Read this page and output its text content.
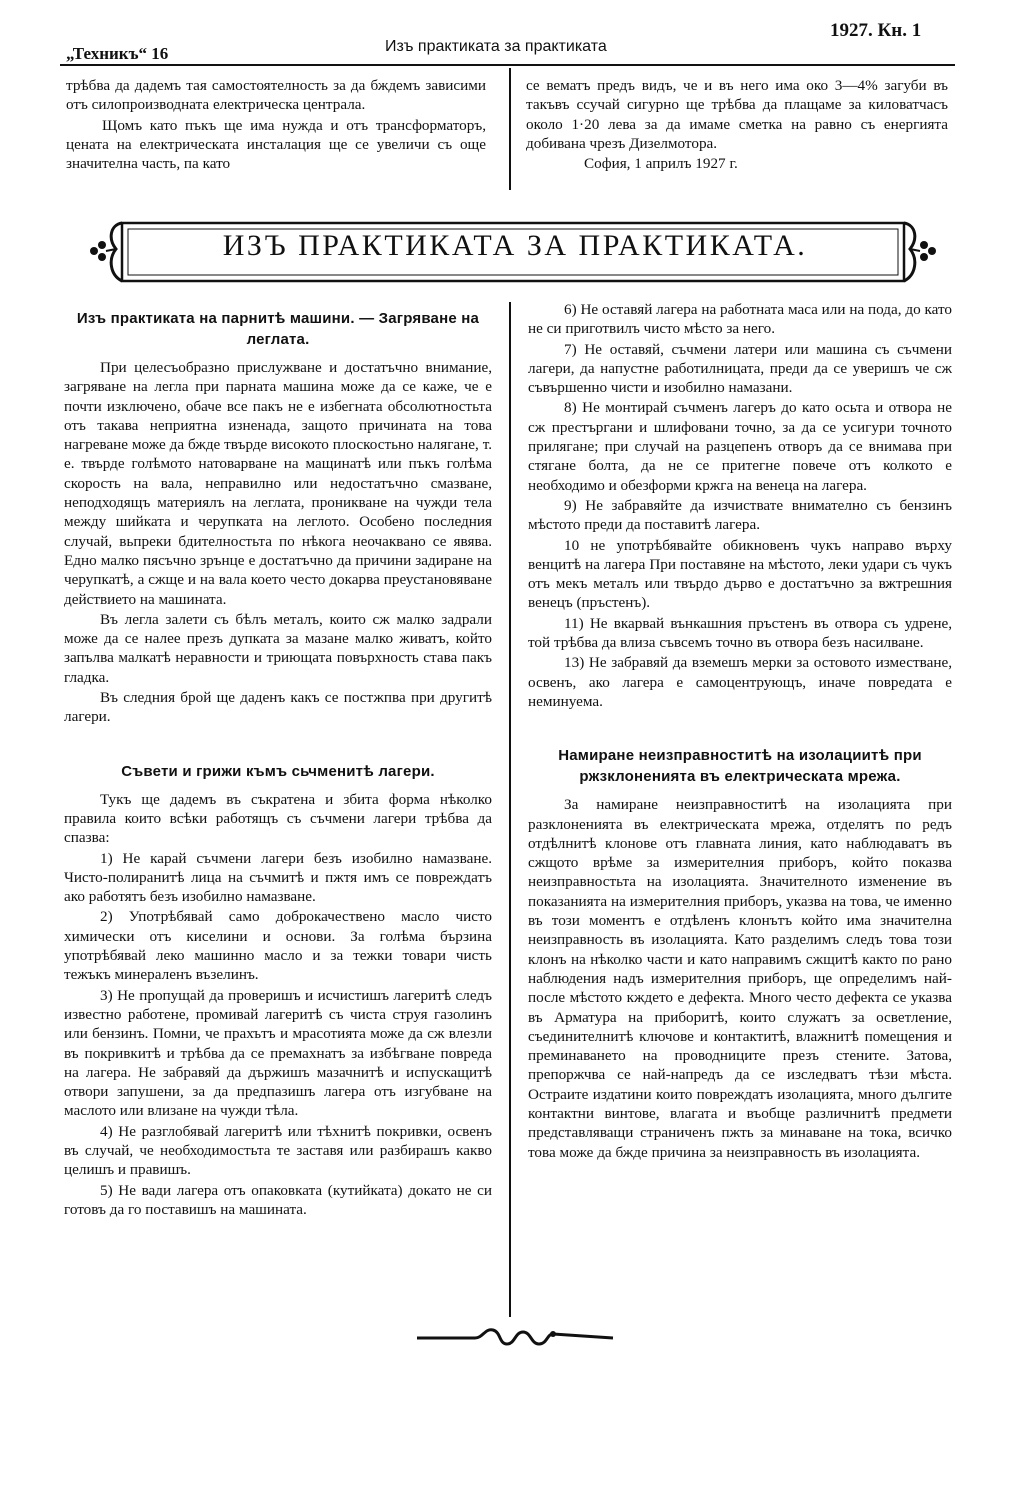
„Техникъ“ 16	Изъ практиката за практиката
1927. Кн. 1

трѣбва да дадемъ тая самостоятелность за да бждемъ зависими отъ силопроизводната електрическа централа.

Щомъ като пъкъ ще има нужда и отъ трансформаторъ, цената на електрическата инсталация ще се увеличи съ още значителна часть, па като

се вематъ предъ видъ, че и въ него има око 3—4% загуби въ такъвъ ссучай сигурно ще трѣбва да плащаме за киловатчасъ около 1·20 лева за да имаме сметка на равно съ енергията добивана чрезъ Дизелмотора.

София, 1 априлъ 1927 г.

ИЗЪ ПРАКТИКАТА ЗА ПРАКТИКАТА.
Изъ практиката на парнитѣ машини. — Загряване на леглата.

При целесъобразно прислужване и достатъчно внимание, загряване на легла при парната машина може да се каже, че е почти изключено, обаче все пакъ не е избегната обсолютностьта отъ такава неприятна изненада, защото причината на това нагреване може да бжде твърде високото плоскостьно налягане, т. е. твърде голѣмото натоварване на мащинатѣ или пъкъ голѣма скорость на вала, неправилно или недостатъчно смазване, неподходящъ материялъ на леглата, проникване на чужди тела между шийката и черупката на леглото. Особено последния случай, вьпреки бдителностьта по нѣкога неочаквано се явява. Едно малко пясъчно зрънце е достатъчно да причини задиране на черупкатѣ, а сжще и на вала което често докарва преустановяване действието на машината.

Въ легла залети съ бѣлъ металъ, които сж малко задрали може да се налее презъ дупката за мазане малко живатъ, който запълва малкатѣ неравности и триющата повърхность става пакъ гладка.

Въ следния брой ще даденъ какъ се постжпва при другитѣ лагери.

Съвети и грижи къмъ сьчменитѣ лагери.

Тукъ ще дадемъ въ съкратена и збита форма нѣколко правила които всѣки работящъ съ съчмени лагери трѣбва да спазва:

1) Не карай съчмени лагери безъ изобилно намазване. Чисто-полиранитѣ лица на съчмитѣ и пжтя имъ се повреждатъ ако работятъ безъ изобилно намазване.

2) Употрѣбявай само доброкачествено масло чисто химически отъ киселини и основи. За голѣма бързина употрѣбявай леко машинно масло и за тежки товари чисть тежъкъ минераленъ възелинъ.

3) Не пропущай да проверишъ и исчистишъ лагеритѣ следъ известно работене, промивай лагеритѣ съ чиста струя газолинъ или бензинъ. Помни, че прахътъ и мрасотията може да сж влезли въ покривкитѣ и трѣбва да се премахнатъ за избѣгване повреда на лагера. Не забравяй да държишъ мазачнитѣ и испускащитѣ отвори запушени, за да предпазишъ лагера отъ изгубване на маслото или влизане на чужди тѣла.

4) Не разглобявай лагеритѣ или тѣхнитѣ покривки, освенъ въ случай, че необходимостьта те заставя или разбирашъ какво целишъ и правишъ.

5) Не вади лагера отъ опаковката (кутийката) докато не си готовъ да го поставишъ на машината.

6) Не оставяй лагера на работната маса или на пода, до като не си приготвилъ чисто мѣсто за него.

7) Не оставяй, съчмени латери или машина съ съчмени лагери, да напустне работилницата, преди да се уверишъ че сж съвършенно чисти и изобилно намазани.

8) Не монтирай съчменъ лагеръ до като осьта и отвора не сж престъргани и шлифовани точно, за да се усигури точното прилягане; при случай на разцепенъ отворъ да се внимава при стягане болта, да не се притегне повече отъ колкото е необходимо и обезформи кржга на венеца на лагера.

9) Не забравяйте да изчиствате внимателно съ бензинъ мѣстото преди да поставитѣ лагера.

10 не употрѣбявайте обикновенъ чукъ направо върху венцитѣ на лагера При поставяне на мѣстото, леки удари съ чукъ отъ мекъ металъ или твърдо дърво е достатъчно за вжтрешния венецъ (пръстенъ).

11) Не вкарвай вънкашния пръстенъ въ отвора съ удрене, той трѣбва да влиза съвсемъ точно въ отвора безъ насилване.

13) Не забравяй да вземешъ мерки за остовото изместване, освенъ, ако лагера е самоцентрующъ, иначе повредата е неминуема.

Намиране неизправноститѣ на изолациитѣ при ржзклоненията въ електрическата мрежа.

За намиране неизправноститѣ на изолацията при разклоненията въ електрическата мрежа, отделятъ по редъ отдѣлнитѣ клонове отъ главната линия, като наблюдаватъ въ сжщото врѣме за измерителния приборъ, който показва неизправностьта на изолацията. Значителното изменение въ показанията на измерителния приборъ, указва на това, че именно въ този моментъ е отдѣленъ клонътъ който има значителна неизправность въ изолацията. Като разделимъ следъ това този клонъ на нѣколко части и като направимъ сжщитѣ както по рано наблюдения надъ измерителния приборъ, ще определимъ най-после мѣстото кждето е дефекта. Много често дефекта се указва въ Арматура на приборитѣ, които служатъ за осветление, съединителнитѣ ключове и контактитѣ, влажнитѣ помещения и преминаването на проводниците презъ стените. Затова, препоржчва се най-напредъ да се изследватъ тѣзи мѣста. Остраите издатини които повреждатъ изолацията, много дългите контактни винтове, влагата и въобще различнитѣ предмети представляващи страниченъ пжть за минаване на тока, всичко това може да бжде причина за неизправность въ изолацията.
